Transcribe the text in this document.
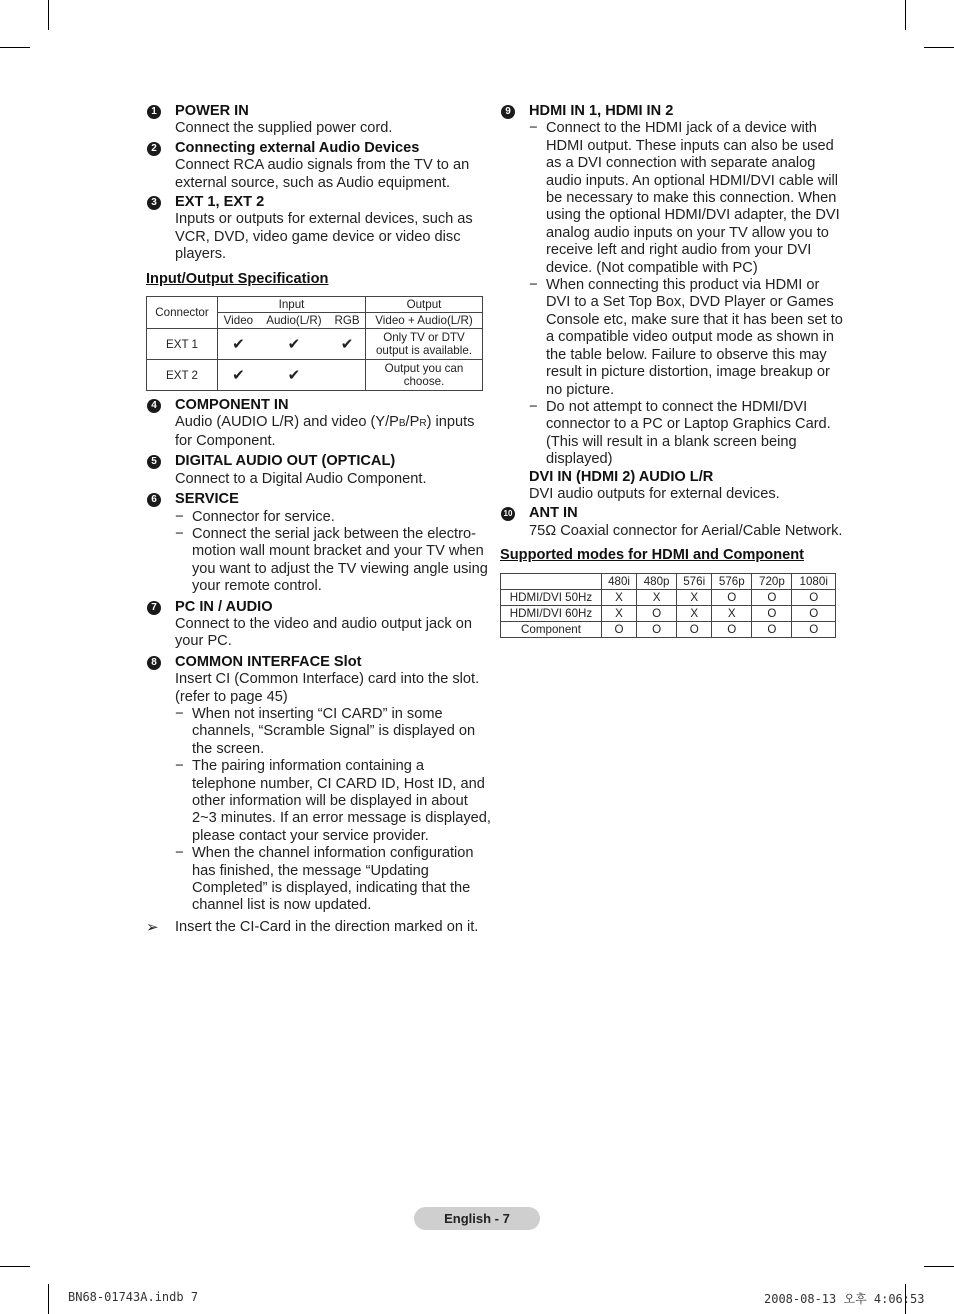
1 POWER IN
Connect the supplied power cord.
2 Connecting external Audio Devices
Connect RCA audio signals from the TV to an external source, such as Audio equipment.
3 EXT 1, EXT 2
Inputs or outputs for external devices, such as VCR, DVD, video game device or video disc players.
Input/Output Specification
Connector	Input			Output
	Video	Audio(L/R)	RGB	Video + Audio(L/R)
EXT 1	✔	✔	✔	Only TV or DTV output is available.
EXT 2	✔	✔		Output you can choose.
4 COMPONENT IN
Audio (AUDIO L/R) and video (Y/PB/PR) inputs for Component.
5 DIGITAL AUDIO OUT (OPTICAL)
Connect to a Digital Audio Component.
6 SERVICE
− Connector for service.
− Connect the serial jack between the electro-motion wall mount bracket and your TV when you want to adjust the TV viewing angle using your remote control.
7 PC IN / AUDIO
Connect to the video and audio output jack on your PC.
8 COMMON INTERFACE Slot
Insert CI (Common Interface) card into the slot. (refer to page 45)
− When not inserting “CI CARD” in some channels, “Scramble Signal” is displayed on the screen.
− The pairing information containing a telephone number, CI CARD ID, Host ID, and other information will be displayed in about 2~3 minutes. If an error message is displayed, please contact your service provider.
− When the channel information configuration has finished, the message “Updating Completed” is displayed, indicating that the channel list is now updated.
➢ Insert the CI-Card in the direction marked on it.
9 HDMI IN 1, HDMI IN 2
− Connect to the HDMI jack of a device with HDMI output. These inputs can also be used as a DVI connection with separate analog audio inputs. An optional HDMI/DVI cable will be necessary to make this connection. When using the optional HDMI/DVI adapter, the DVI analog audio inputs on your TV allow you to receive left and right audio from your DVI device. (Not compatible with PC)
− When connecting this product via HDMI or DVI to a Set Top Box, DVD Player or Games Console etc, make sure that it has been set to a compatible video output mode as shown in the table below. Failure to observe this may result in picture distortion, image breakup or no picture.
− Do not attempt to connect the HDMI/DVI connector to a PC or Laptop Graphics Card. (This will result in a blank screen being displayed)
DVI IN (HDMI 2) AUDIO L/R
DVI audio outputs for external devices.
10 ANT IN
75Ω Coaxial connector for Aerial/Cable Network.
Supported modes for HDMI and Component
	480i	480p	576i	576p	720p	1080i
HDMI/DVI 50Hz	X	X	X	O	O	O
HDMI/DVI 60Hz	X	O	X	X	O	O
Component	O	O	O	O	O	O
English - 7
BN68-01743A.indb 7	2008-08-13 오후 4:06:53
